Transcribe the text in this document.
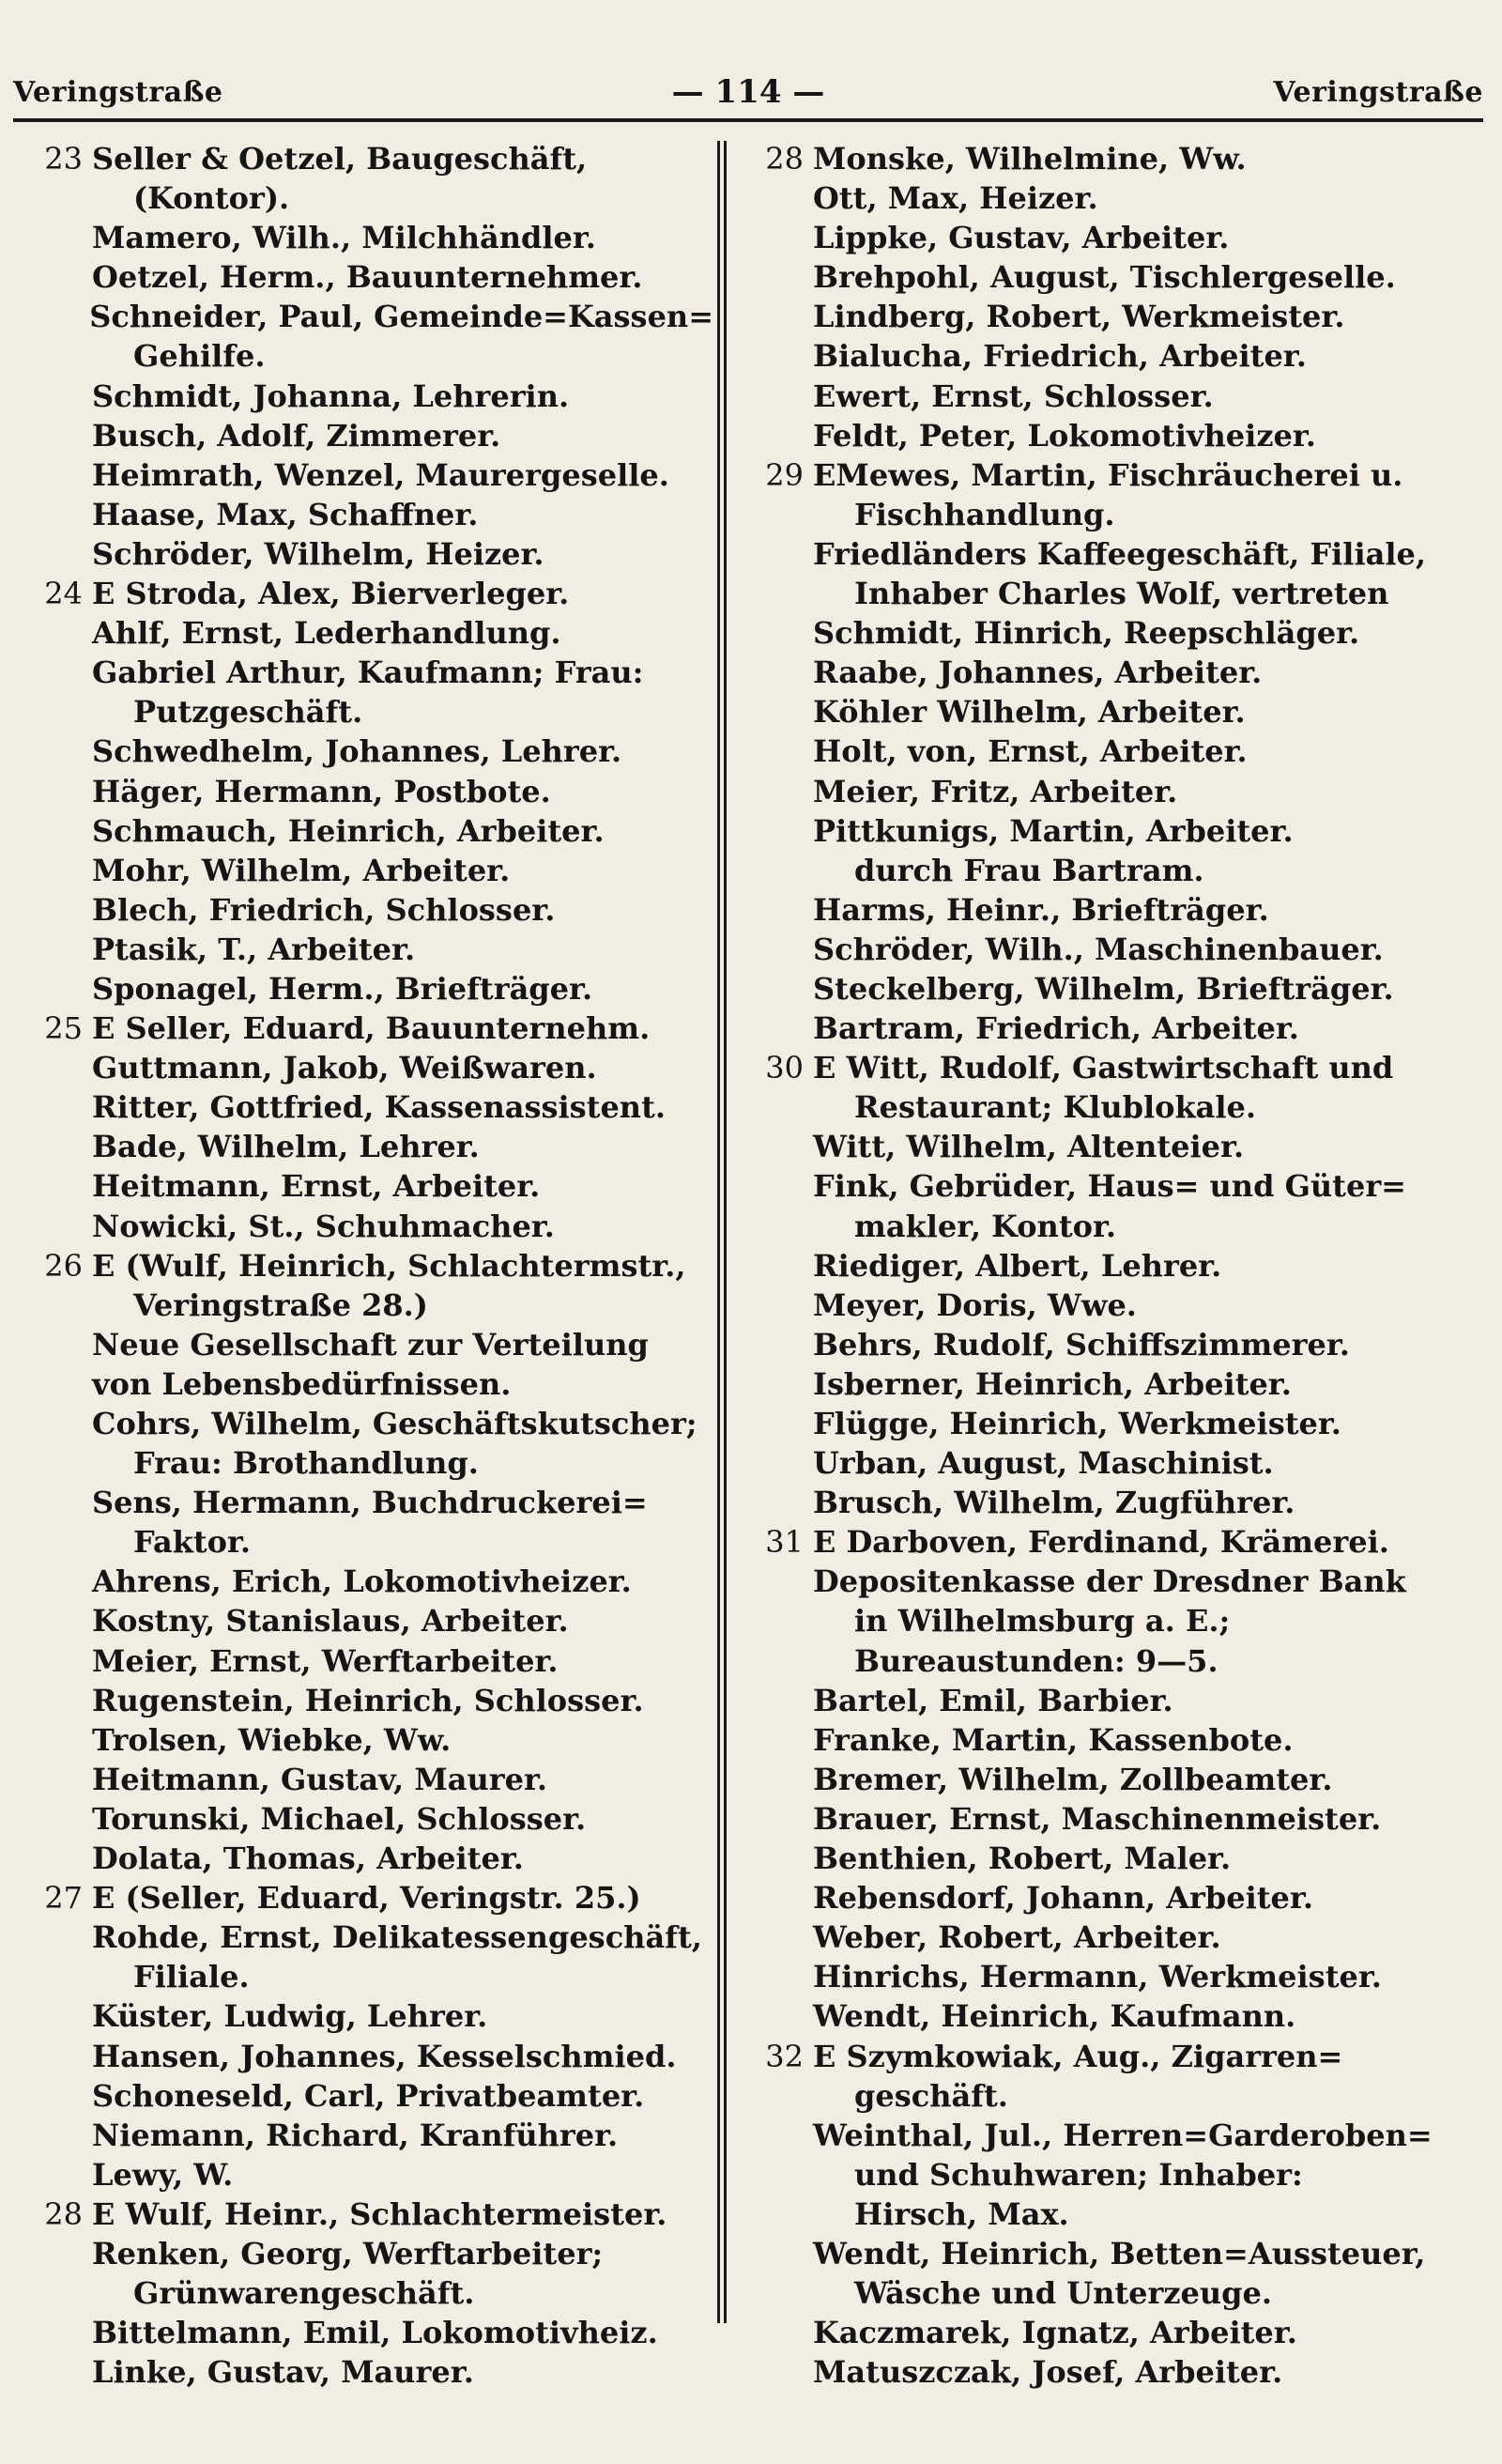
Veringstraße	— 114 —	Veringstraße
23 Seller & Oetzel, Baugeschäft,
(Kontor).
Mamero, Wilh., Milchhändler.
Oetzel, Herm., Bauunternehmer.
Schneider, Paul, Gemeinde=Kassen=
Gehilfe.
Schmidt, Johanna, Lehrerin.
Busch, Adolf, Zimmerer.
Heimrath, Wenzel, Maurergeselle.
Haase, Max, Schaffner.
Schröder, Wilhelm, Heizer.
24 E Stroda, Alex, Bierverleger.
Ahlf, Ernst, Lederhandlung.
Gabriel Arthur, Kaufmann; Frau:
Putzgeschäft.
Schwedhelm, Johannes, Lehrer.
Häger, Hermann, Postbote.
Schmauch, Heinrich, Arbeiter.
Mohr, Wilhelm, Arbeiter.
Blech, Friedrich, Schlosser.
Ptasik, T., Arbeiter.
Sponagel, Herm., Briefträger.
25 E Seller, Eduard, Bauunternehm.
Guttmann, Jakob, Weißwaren.
Ritter, Gottfried, Kassenassistent.
Bade, Wilhelm, Lehrer.
Heitmann, Ernst, Arbeiter.
Nowicki, St., Schuhmacher.
26 E (Wulf, Heinrich, Schlachtermstr.,
Veringstraße 28.)
Neue Gesellschaft zur Verteilung
von Lebensbedürfnissen.
Cohrs, Wilhelm, Geschäftskutscher;
Frau: Brothandlung.
Sens, Hermann, Buchdruckerei=
Faktor.
Ahrens, Erich, Lokomotivheizer.
Kostny, Stanislaus, Arbeiter.
Meier, Ernst, Werftarbeiter.
Rugenstein, Heinrich, Schlosser.
Trolsen, Wiebke, Ww.
Heitmann, Gustav, Maurer.
Torunski, Michael, Schlosser.
Dolata, Thomas, Arbeiter.
27 E (Seller, Eduard, Veringstr. 25.)
Rohde, Ernst, Delikatessengeschäft,
Filiale.
Küster, Ludwig, Lehrer.
Hansen, Johannes, Kesselschmied.
Schoneseld, Carl, Privatbeamter.
Niemann, Richard, Kranführer.
Lewy, W.
28 E Wulf, Heinr., Schlachtermeister.
Renken, Georg, Werftarbeiter;
Grünwarengeschäft.
Bittelmann, Emil, Lokomotivheiz.
Linke, Gustav, Maurer.
28 Monske, Wilhelmine, Ww.
Ott, Max, Heizer.
Lippke, Gustav, Arbeiter.
Brehpohl, August, Tischlergeselle.
Lindberg, Robert, Werkmeister.
Bialucha, Friedrich, Arbeiter.
Ewert, Ernst, Schlosser.
Feldt, Peter, Lokomotivheizer.
29 EMewes, Martin, Fischräucherei u.
Fischhandlung.
Friedländers Kaffeegeschäft, Filiale,
Inhaber Charles Wolf, vertreten
Schmidt, Hinrich, Reepschläger.
Raabe, Johannes, Arbeiter.
Köhler Wilhelm, Arbeiter.
Holt, von, Ernst, Arbeiter.
Meier, Fritz, Arbeiter.
Pittkunigs, Martin, Arbeiter.
durch Frau Bartram.
Harms, Heinr., Briefträger.
Schröder, Wilh., Maschinenbauer.
Steckelberg, Wilhelm, Briefträger.
Bartram, Friedrich, Arbeiter.
30 E Witt, Rudolf, Gastwirtschaft und
Restaurant; Klublokale.
Witt, Wilhelm, Altenteier.
Fink, Gebrüder, Haus= und Güter=
makler, Kontor.
Riediger, Albert, Lehrer.
Meyer, Doris, Wwe.
Behrs, Rudolf, Schiffszimmerer.
Isberner, Heinrich, Arbeiter.
Flügge, Heinrich, Werkmeister.
Urban, August, Maschinist.
Brusch, Wilhelm, Zugführer.
31 E Darboven, Ferdinand, Krämerei.
Depositenkasse der Dresdner Bank
in Wilhelmsburg a. E.;
Bureaustunden: 9—5.
Bartel, Emil, Barbier.
Franke, Martin, Kassenbote.
Bremer, Wilhelm, Zollbeamter.
Brauer, Ernst, Maschinenmeister.
Benthien, Robert, Maler.
Rebensdorf, Johann, Arbeiter.
Weber, Robert, Arbeiter.
Hinrichs, Hermann, Werkmeister.
Wendt, Heinrich, Kaufmann.
32 E Szymkowiak, Aug., Zigarren=
geschäft.
Weinthal, Jul., Herren=Garderoben=
und Schuhwaren; Inhaber:
Hirsch, Max.
Wendt, Heinrich, Betten=Aussteuer,
Wäsche und Unterzeuge.
Kaczmarek, Ignatz, Arbeiter.
Matuszczak, Josef, Arbeiter.
